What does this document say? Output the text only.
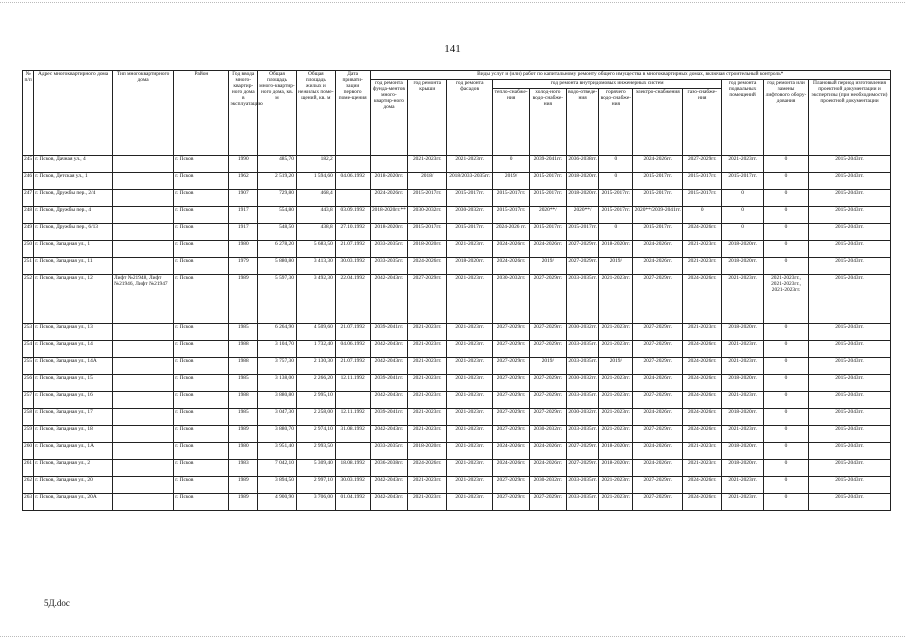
141
№ п/п	Адрес многоквартирного дома	Тип многоквартирного дома	Район	Год ввода много-квартир-ного дома в эксплуатацию	Общая площадь много-квартир-ного дома, кв. м	Общая площадь жилых и нежилых поме-щений, кв. м	Дата привати-зации первого поме-щения	Виды услуг и (или) работ по капитальному ремонту общего имущества в многоквартирных домах, включая строительный контроль*											
								год ремонта фунда-ментов много-квартир-ного дома	год ремонта крыши	год ремонта фасадов	год ремонта внутридомовых инженерных систем						год ремонта подвальных помещений	год ремонта или замены лифтового обору-дования	Плановый период изготовления проектной документации и экспертизы (при необходимости) проектной документации
											тепло-снабже-ния	холод-ного водо-снабже-ния	водо-отведе-ния	горячего водо-снабже-ния	электро-снабжения	газо-снабже-ния			
245	г. Псков, Дачная ул., 4		г. Псков	1990	485,70	182,2			2021-2023гг.	2021-2023гг.	0	2039-2041гг.	2036-2038гг.	0	2024-2026гг.	2027-2029гг.	2021-2023гг.	0	2015-2043гг.
246	г. Псков, Детская ул., 1		г. Псков	1962	2 519,20	1 594,60	04.06.1992	2018-2020гг.	2018/	2018/2033-2035гг.	2019/	2015-2017гг.	2018-2020гг.	0	2015-2017гг.	2015-2017гг.	2015-2017гг.	0	2015-2043гг.
247	г. Псков, Дружбы пер., 2/4		г. Псков	1907	729,80	468,4		2024-2026гг.	2015-2017гг.	2015-2017гг.	2015-2017гг.	2015-2017гг.	2018-2020гг.	2015-2017гг.	2015-2017гг.	2015-2017гг.	0	0	2015-2043гг.
248	г. Псков, Дружбы пер., 4		г. Псков	1917	554,80	443,8	03.09.1992	2018-2020гг.**	2030-2032гг.	2030-2032гг.	2015-2017гг.	2020**/	2020**/	2015-2017гг.	2020**/2039-2041гг.	0	0	0	2015-2043гг.
249	г. Псков, Дружбы пер., 6/13		г. Псков	1917	548,50	438,8	27.10.1992	2018-2020гг.	2015-2017гг.	2015-2017гг.	2024-2026 гг.	2015-2017гг.	2015-2017гг.	0	2015-2017гг.	2024-2026гг.	0	0	2015-2043гг.
250	г. Псков, Западная ул., 1		г. Псков	1980	6 278,20	5 683,50	21.07.1992	2033-2035гг.	2018-2020гг.	2021-2023гг.	2024-2026гг.	2024-2026гг.	2027-2029гг.	2018-2020гг.	2024-2026гг.	2021-2023гг.	2018-2020гг.	0	2015-2043гг.
251	г. Псков, Западная ул., 11		г. Псков	1979	5 880,80	3 413,30	30.03.1992	2033-2035гг.	2024-2026гг.	2018-2020гг.	2024-2026гг.	2019/	2027-2029гг.	2019/	2024-2026гг.	2021-2023гг.	2018-2020гг.	0	2015-2043гг.
252	г. Псков, Западная ул., 12	Лифт №21948, Лифт №21946, Лифт №21947	г. Псков	1989	5 597,30	3 492,30	22.04.1992	2042-2043гг.	2027-2029гг.	2021-2023гг.	2030-2032гг.	2027-2029гг.	2033-2035гг.	2021-2023гг.	2027-2029гг.	2024-2026гг.	2021-2023гг.	2021-2023гг., 2021-2023гг., 2021-2023гг.	2015-2043гг.
253	г. Псков, Западная ул., 13		г. Псков	1985	6 264,90	4 509,60	21.07.1992	2039-2041гг.	2021-2023гг.	2021-2023гг.	2027-2029гг.	2027-2029гг.	2030-2032гг.	2021-2023гг.	2027-2029гг.	2021-2023гг.	2018-2020гг.	0	2015-2043гг.
254	г. Псков, Западная ул., 14		г. Псков	1988	3 104,70	1 732,40	04.06.1992	2042-2043гг.	2021-2023гг.	2021-2023гг.	2027-2029гг.	2027-2029гг.	2033-2035гг.	2021-2023гг.	2027-2029гг.	2024-2026гг.	2021-2023гг.	0	2015-2043гг.
255	г. Псков, Западная ул., 14А		г. Псков	1988	3 757,30	2 130,30	21.07.1992	2042-2043гг.	2021-2023гг.	2021-2023гг.	2027-2029гг.	2019/	2033-2035гг.	2019/	2027-2029гг.	2024-2026гг.	2021-2023гг.	0	2015-2043гг.
256	г. Псков, Западная ул., 15		г. Псков	1985	3 138,00	2 266,20	12.11.1992	2039-2041гг.	2021-2023гг.	2021-2023гг.	2027-2029гг.	2027-2029гг.	2030-2032гг.	2021-2023гг.	2024-2026гг.	2024-2026гг.	2018-2020гг.	0	2015-2043гг.
257	г. Псков, Западная ул., 16		г. Псков	1988	3 880,80	2 995,10		2042-2043гг.	2021-2023гг.	2021-2023гг.	2027-2029гг.	2027-2029гг.	2033-2035гг.	2021-2023гг.	2027-2029гг.	2024-2026гг.	2021-2023гг.	0	2015-2043гг.
258	г. Псков, Западная ул., 17		г. Псков	1985	3 047,30	2 258,00	12.11.1992	2039-2041гг.	2021-2023гг.	2021-2023гг.	2027-2029гг.	2027-2029гг.	2030-2032гг.	2021-2023гг.	2024-2026гг.	2024-2026гг.	2018-2020гг.	0	2015-2043гг.
259	г. Псков, Западная ул., 18		г. Псков	1989	3 880,70	2 974,10	31.08.1992	2042-2043гг.	2021-2023гг.	2021-2023гг.	2027-2029гг.	2030-2032гг.	2033-2035гг.	2021-2023гг.	2027-2029гг.	2024-2026гг.	2021-2023гг.	0	2015-2043гг.
260	г. Псков, Западная ул., 1А		г. Псков	1980	3 951,40	2 993,50		2033-2035гг.	2018-2020гг.	2021-2023гг.	2024-2026гг.	2024-2026гг.	2027-2029гг.	2018-2020гг.	2024-2026гг.	2021-2023гг.	2018-2020гг.	0	2015-2043гг.
261	г. Псков, Западная ул., 2		г. Псков	1983	7 042,10	5 309,40	18.08.1992	2036-2038гг.	2024-2026гг.	2021-2023гг.	2024-2026гг.	2024-2026гг.	2027-2029гг.	2018-2020гг.	2024-2026гг.	2021-2023гг.	2018-2020гг.	0	2015-2043гг.
262	г. Псков, Западная ул., 20		г. Псков	1989	3 894,50	2 997,10	30.03.1992	2042-2043гг.	2021-2023гг.	2021-2023гг.	2027-2029гг.	2030-2032гг.	2033-2035гг.	2021-2023гг.	2027-2029гг.	2024-2026гг.	2021-2023гг.	0	2015-2043гг.
263	г. Псков, Западная ул., 20А		г. Псков	1989	4 900,90	3 706,00	01.04.1992	2042-2043гг.	2021-2023гг.	2021-2023гг.	2027-2029гг.	2027-2029гг.	2033-2035гг.	2021-2023гг.	2027-2029гг.	2024-2026гг.	2021-2023гг.	0	2015-2043гг.
5Д.doc
